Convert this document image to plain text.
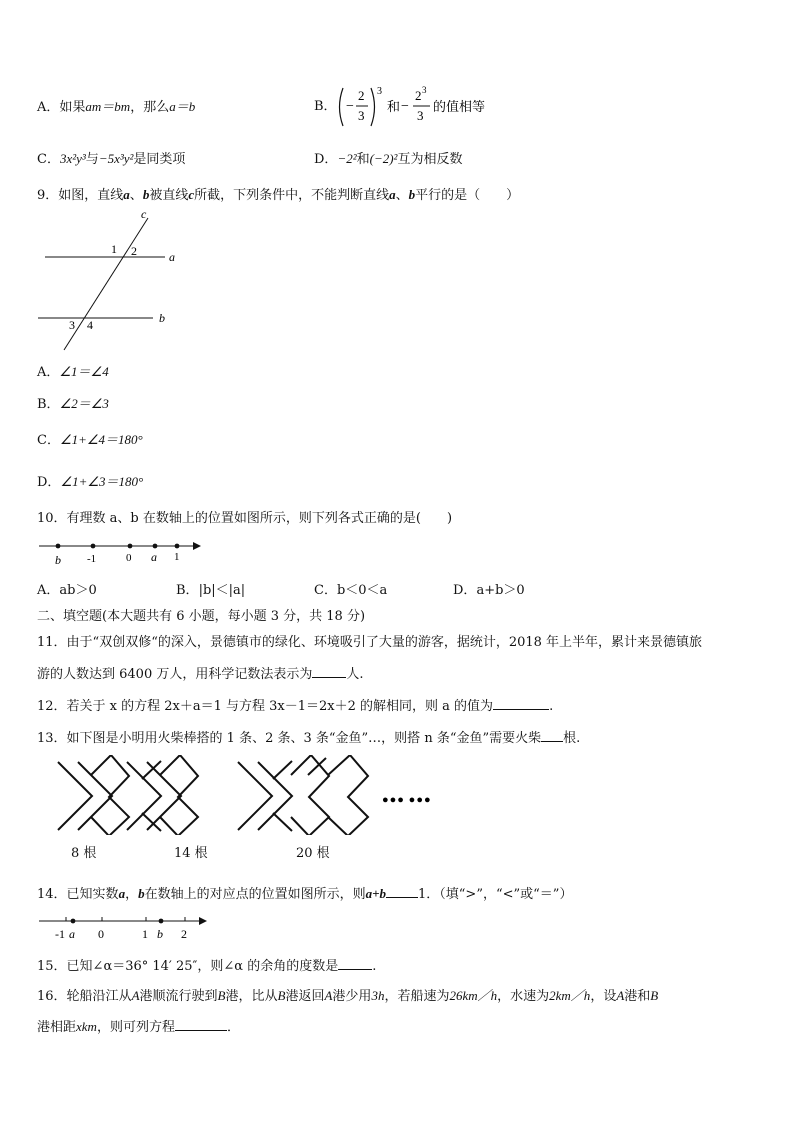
A．如果am＝bm，那么a＝b	B． −
2
3
3
和 −
2 3
3
的值相等
C．3x²y³与−5x³y²是同类项	D．−2²和(−2)²互为相反数
9．如图，直线a、b被直线c所截，下列条件中，不能判断直线a、b平行的是（　　）
c
a
b
1 2
3 4
A．∠1＝∠4
B．∠2＝∠3
C．∠1+∠4＝180°
D．∠1+∠3＝180°
10．有理数 a、b 在数轴上的位置如图所示，则下列各式正确的是(　　)
b -1	0 a 1
A．ab＞0	B．|b|＜|a|	C．b＜0＜a	D．a+b＞0
二、填空题(本大题共有 6 小题，每小题 3 分，共 18 分)
11．由于“双创双修“的深入，景德镇市的绿化、环境吸引了大量的游客，据统计，2018 年上半年，累计来景德镇旅
游的人数达到 6400 万人，用科学记数法表示为	人.
12．若关于 x 的方程 2x＋a＝1 与方程 3x－1＝2x＋2 的解相同，则 a 的值为	.
13．如下图是小明用火柴棒搭的 1 条、2 条、3 条“金鱼”…，则搭 n 条“金鱼”需要火柴 根.
●●● ●●●
8 根	14 根	20 根
14．已知实数a，b在数轴上的对应点的位置如图所示，则a+b 1．（填“>”，“<”或“＝”）
-1 a 0	1 b 2
15．已知∠α＝36° 14′ 25″，则∠α 的余角的度数是	.
16．轮船沿江从A港顺流行驶到B港，比从B港返回A港少用3h，若船速为26km／h，水速为2km／h，设A港和B
港相距xkm，则可列方程	．
